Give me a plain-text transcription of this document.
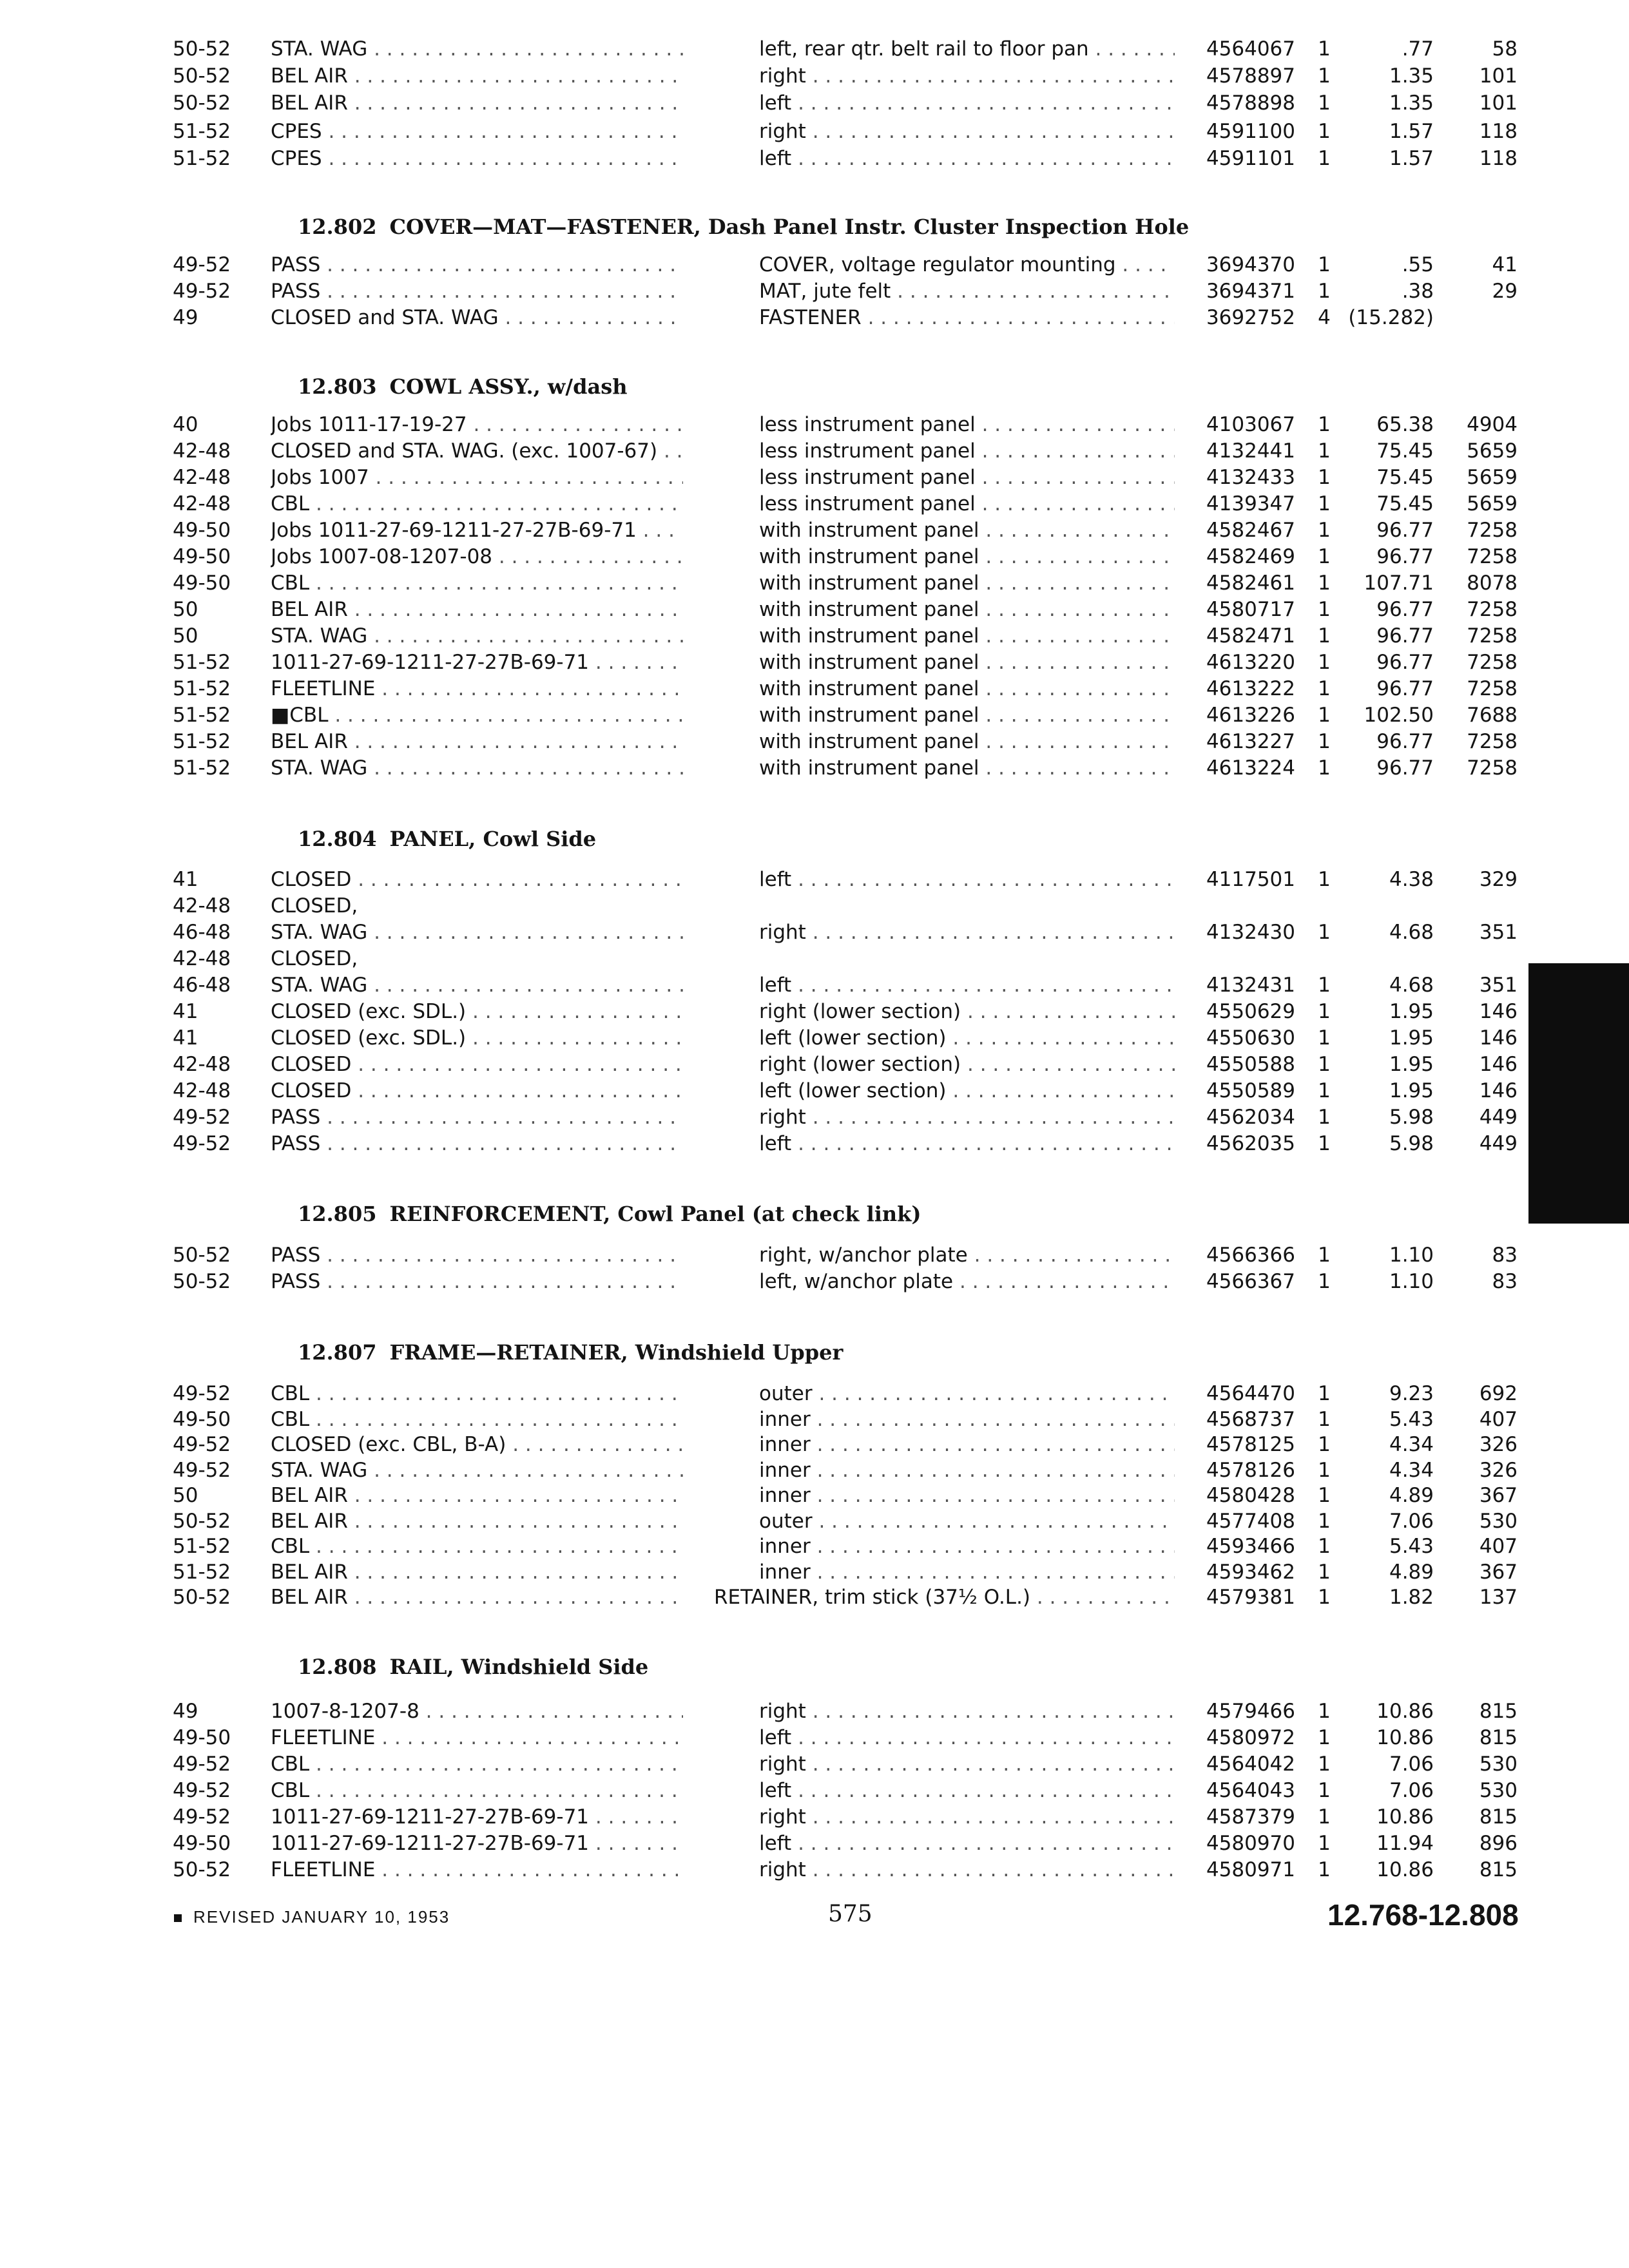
50-52	STA. WAG . . .	left, rear qtr. belt rail to floor pan . . .	4564067	1	.77	58
50-52	BEL AIR . . .	right . . .	4578897	1	1.35	101
50-52	BEL AIR . . .	left . . .	4578898	1	1.35	101
51-52	CPES . . .	right . . .	4591100	1	1.57	118
51-52	CPES . . .	left . . .	4591101	1	1.57	118
12.802 COVER—MAT—FASTENER, Dash Panel Instr. Cluster Inspection Hole
49-52	PASS . . .	COVER, voltage regulator mounting . . .	3694370	1	.55	41
49-52	PASS . . .	MAT, jute felt . . .	3694371	1	.38	29
49	CLOSED and STA. WAG . . .	FASTENER . . .	3692752	4 (15.282)
12.803 COWL ASSY., w/dash
40	Jobs 1011-17-19-27 . . .	less instrument panel . . .	4103067	1	65.38	4904
42-48	CLOSED and STA. WAG. (exc. 1007-67) . . .	less instrument panel . . .	4132441	1	75.45	5659
42-48	Jobs 1007 . . .	less instrument panel . . .	4132433	1	75.45	5659
42-48	CBL . . .	less instrument panel . . .	4139347	1	75.45	5659
49-50	Jobs 1011-27-69-1211-27-27B-69-71 . . .	with instrument panel . . .	4582467	1	96.77	7258
49-50	Jobs 1007-08-1207-08 . . .	with instrument panel . . .	4582469	1	96.77	7258
49-50	CBL . . .	with instrument panel . . .	4582461	1	107.71	8078
50	BEL AIR . . .	with instrument panel . . .	4580717	1	96.77	7258
50	STA. WAG . . .	with instrument panel . . .	4582471	1	96.77	7258
51-52	1011-27-69-1211-27-27B-69-71 . . .	with instrument panel . . .	4613220	1	96.77	7258
51-52	FLEETLINE . . .	with instrument panel . . .	4613222	1	96.77	7258
51-52	■CBL . . .	with instrument panel . . .	4613226	1	102.50	7688
51-52	BEL AIR . . .	with instrument panel . . .	4613227	1	96.77	7258
51-52	STA. WAG . . .	with instrument panel . . .	4613224	1	96.77	7258
12.804 PANEL, Cowl Side
41	CLOSED . . .	left . . .	4117501	1	4.38	329
42-48	CLOSED,
46-48	STA. WAG . . .	right . . .	4132430	1	4.68	351
42-48	CLOSED,
46-48	STA. WAG . . .	left . . .	4132431	1	4.68	351
41	CLOSED (exc. SDL.) . . .	right (lower section) . . .	4550629	1	1.95	146
41	CLOSED (exc. SDL.) . . .	left (lower section) . . .	4550630	1	1.95	146
42-48	CLOSED . . .	right (lower section) . . .	4550588	1	1.95	146
42-48	CLOSED . . .	left (lower section) . . .	4550589	1	1.95	146
49-52	PASS . . .	right . . .	4562034	1	5.98	449
49-52	PASS . . .	left . . .	4562035	1	5.98	449
12.805 REINFORCEMENT, Cowl Panel (at check link)
50-52	PASS . . .	right, w/anchor plate . . .	4566366	1	1.10	83
50-52	PASS . . .	left, w/anchor plate . . .	4566367	1	1.10	83
12.807 FRAME—RETAINER, Windshield Upper
49-52	CBL . . .	outer . . .	4564470	1	9.23	692
49-50	CBL . . .	inner . . .	4568737	1	5.43	407
49-52	CLOSED (exc. CBL, B-A) . . .	inner . . .	4578125	1	4.34	326
49-52	STA. WAG . . .	inner . . .	4578126	1	4.34	326
50	BEL AIR . . .	inner . . .	4580428	1	4.89	367
50-52	BEL AIR . . .	outer . . .	4577408	1	7.06	530
51-52	CBL . . .	inner . . .	4593466	1	5.43	407
51-52	BEL AIR . . .	inner . . .	4593462	1	4.89	367
50-52	BEL AIR . . .	RETAINER, trim stick (37½ O.L.) . . .	4579381	1	1.82	137
12.808 RAIL, Windshield Side
49	1007-8-1207-8 . . .	right . . .	4579466	1	10.86	815
49-50	FLEETLINE . . .	left . . .	4580972	1	10.86	815
49-52	CBL . . .	right . . .	4564042	1	7.06	530
49-52	CBL . . .	left . . .	4564043	1	7.06	530
49-52	1011-27-69-1211-27-27B-69-71 . . .	right . . .	4587379	1	10.86	815
49-50	1011-27-69-1211-27-27B-69-71 . . .	left . . .	4580970	1	11.94	896
50-52	FLEETLINE . . .	right . . .	4580971	1	10.86	815
REVISED JANUARY 10, 1953	575	12.768-12.808
